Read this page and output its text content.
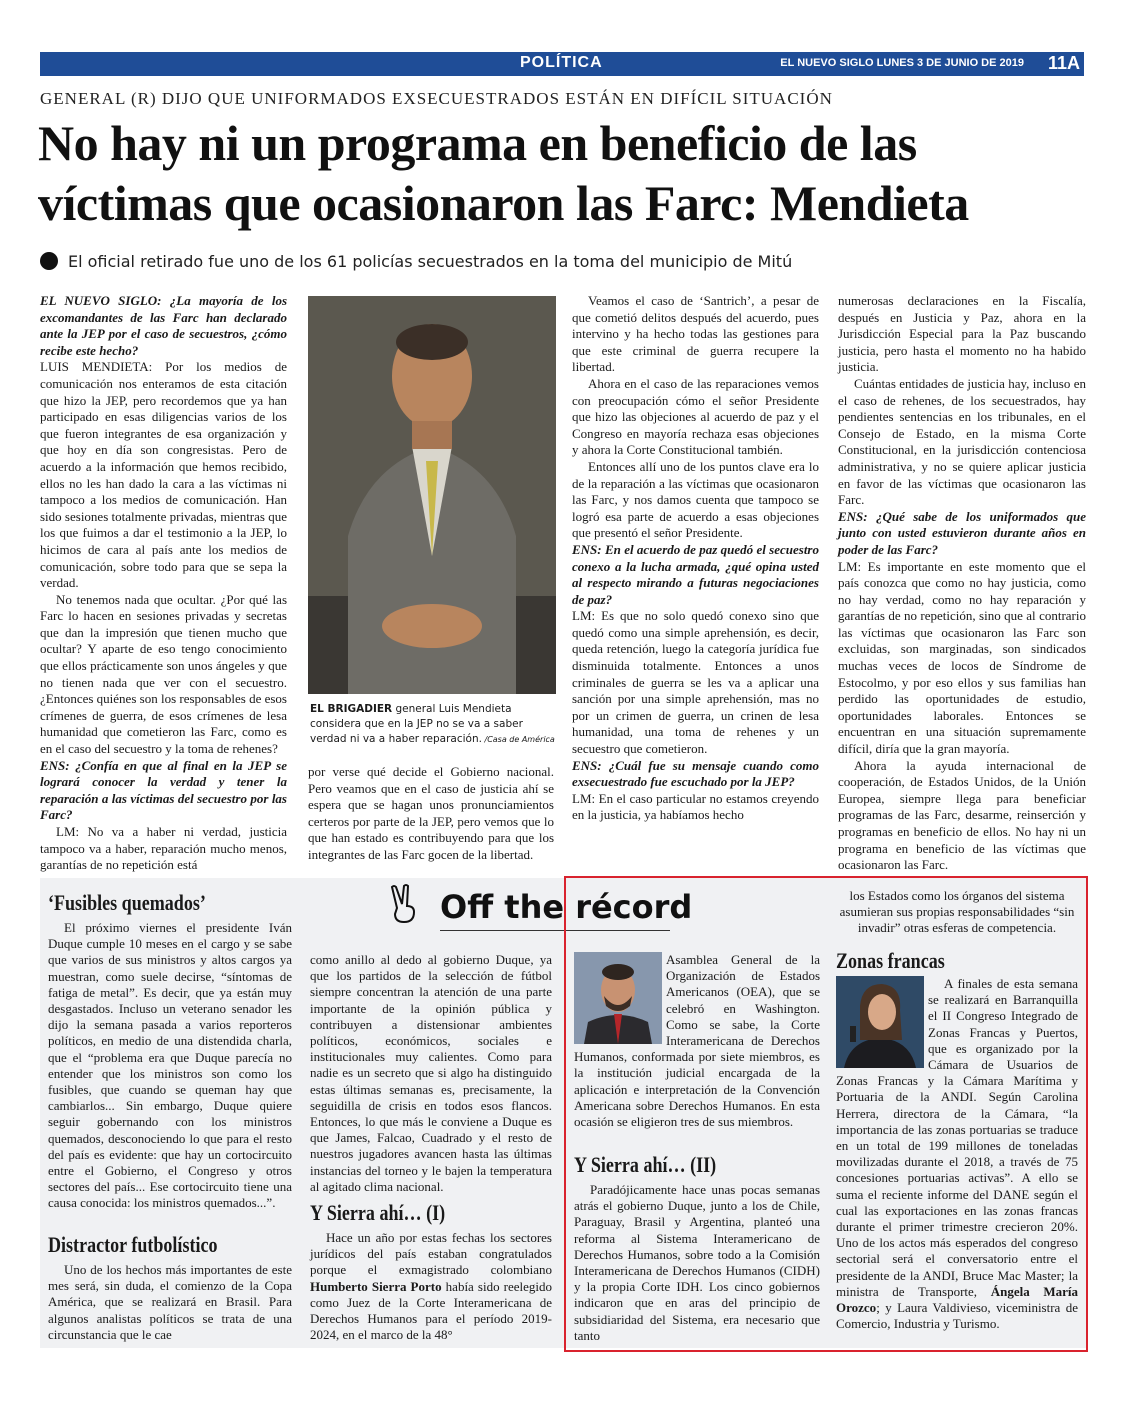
POLÍTICA	EL NUEVO SIGLO LUNES 3 DE JUNIO DE 2019 11A
GENERAL (R) DIJO QUE UNIFORMADOS EXSECUESTRADOS ESTÁN EN DIFÍCIL SITUACIÓN
No hay ni un programa en beneficio de las víctimas que ocasionaron las Farc: Mendieta
El oficial retirado fue uno de los 61 policías secuestrados en la toma del municipio de Mitú

EL NUEVO SIGLO: ¿La mayoría de los excomandantes de las Farc han declarado ante la JEP por el caso de secuestros, ¿cómo recibe este hecho?

LUIS MENDIETA: Por los medios de comunicación nos enteramos de esta citación que hizo la JEP, pero recordemos que ya han participado en esas diligencias varios de los que fueron integrantes de esa organización y que hoy en día son congresistas. Pero de acuerdo a la información que hemos recibido, ellos no les han dado la cara a las víctimas ni tampoco a los medios de comunicación. Han sido sesiones totalmente privadas, mientras que los que fuimos a dar el testimonio a la JEP, lo hicimos de cara al país ante los medios de comunicación, sobre todo para que se sepa la verdad.

No tenemos nada que ocultar. ¿Por qué las Farc lo hacen en sesiones privadas y secretas que dan la impresión que tienen mucho que ocultar? Y aparte de eso tengo conocimiento que ellos prácticamente son unos ángeles y que no tienen nada que ver con el secuestro. ¿Entonces quiénes son los responsables de esos crímenes de guerra, de esos crímenes de lesa humanidad que cometieron las Farc, como es en el caso del secuestro y la toma de rehenes?

ENS: ¿Confía en que al final en la JEP se logrará conocer la verdad y tener la reparación a las víctimas del secuestro por las Farc?

LM: No va a haber ni verdad, justicia tampoco va a haber, reparación mucho menos, garantías de no repetición está

EL BRIGADIER general Luis Mendieta considera que en la JEP no se va a saber verdad ni va a haber reparación. /Casa de América

por verse qué decide el Gobierno nacional. Pero veamos que en el caso de justicia ahí se espera que se hagan unos pronunciamientos certeros por parte de la JEP, pero vemos que lo que han estado es contribuyendo para que los integrantes de las Farc gocen de la libertad.

Veamos el caso de ‘Santrich’, a pesar de que cometió delitos después del acuerdo, pues intervino y ha hecho todas las gestiones para que este criminal de guerra recupere la libertad.

Ahora en el caso de las reparaciones vemos con preocupación cómo el señor Presidente que hizo las objeciones al acuerdo de paz y el Congreso en mayoría rechaza esas objeciones y ahora la Corte Constitucional también.

Entonces allí uno de los puntos clave era lo de la reparación a las víctimas que ocasionaron las Farc, y nos damos cuenta que tampoco se logró esa parte de acuerdo a esas objeciones que presentó el señor Presidente.

ENS: En el acuerdo de paz quedó el secuestro conexo a la lucha armada, ¿qué opina usted al respecto mirando a futuras negociaciones de paz?

LM: Es que no solo quedó conexo sino que quedó como una simple aprehensión, es decir, queda retención, luego la categoría jurídica fue disminuida totalmente. Entonces a unos criminales de guerra se les va a aplicar una sanción por una simple aprehensión, mas no por un crimen de guerra, un crinen de lesa humanidad, una toma de rehenes y un secuestro que cometieron.

ENS: ¿Cuál fue su mensaje cuando como exsecuestrado fue escuchado por la JEP?

LM: En el caso particular no estamos creyendo en la justicia, ya habíamos hecho

numerosas declaraciones en la Fiscalía, después en Justicia y Paz, ahora en la Jurisdicción Especial para la Paz buscando justicia, pero hasta el momento no ha habido justicia.

Cuántas entidades de justicia hay, incluso en el caso de rehenes, de los secuestrados, hay pendientes sentencias en los tribunales, en el Consejo de Estado, en la misma Corte Constitucional, en la jurisdicción contenciosa administrativa, y no se quiere aplicar justicia en favor de las víctimas que ocasionaron las Farc.

ENS: ¿Qué sabe de los uniformados que junto con usted estuvieron durante años en poder de las Farc?

LM: Es importante en este momento que el país conozca que como no hay justicia, como no hay verdad, como no hay reparación y garantías de no repetición, sino que al contrario las víctimas que ocasionaron las Farc son excluidas, son marginadas, son sindicados muchas veces de locos de Síndrome de Estocolmo, y por eso ellos y sus familias han perdido las oportunidades de estudio, oportunidades laborales. Entonces se encuentran en una situación supremamente difícil, diría que la gran mayoría.

Ahora la ayuda internacional de cooperación, de Estados Unidos, de la Unión Europea, siempre llega para beneficiar programas de las Farc, desarme, reinserción y programas en beneficio de ellos. No hay ni un programa en beneficio de las víctimas que ocasionaron las Farc.

Off the récord
‘Fusibles quemados’

El próximo viernes el presidente Iván Duque cumple 10 meses en el cargo y se sabe que varios de sus ministros y altos cargos ya muestran, como suele decirse, “síntomas de fatiga de metal”. Es decir, que ya están muy desgastados. Incluso un veterano senador les dijo la semana pasada a varios reporteros políticos, en medio de una distendida charla, que el “problema era que Duque parecía no entender que los ministros son como los fusibles, que cuando se queman hay que cambiarlos... Sin embargo, Duque quiere seguir gobernando con los ministros quemados, desconociendo lo que para el resto del país es evidente: que hay un cortocircuito entre el Gobierno, el Congreso y otros sectores del país... Ese cortocircuito tiene una causa conocida: los ministros quemados...”.

Distractor futbolístico

Uno de los hechos más importantes de este mes será, sin duda, el comienzo de la Copa América, que se realizará en Brasil. Para algunos analistas políticos se trata de una circunstancia que le cae

como anillo al dedo al gobierno Duque, ya que los partidos de la selección de fútbol siempre concentran la atención de una parte importante de la opinión pública y contribuyen a distensionar ambientes políticos, económicos, sociales e institucionales muy calientes. Como para nadie es un secreto que si algo ha distinguido estas últimas semanas es, precisamente, la seguidilla de crisis en todos esos flancos. Entonces, lo que más le conviene a Duque es que James, Falcao, Cuadrado y el resto de nuestros jugadores avancen hasta las últimas instancias del torneo y le bajen la temperatura al agitado clima nacional.

Y Sierra ahí… (I)

Hace un año por estas fechas los sectores jurídicos del país estaban congratulados porque el exmagistrado colombiano Humberto Sierra Porto había sido reelegido como Juez de la Corte Interamericana de Derechos Humanos para el período 2019-2024, en el marco de la 48°

Asamblea General de la Organización de Estados Americanos (OEA), que se celebró en Washington. Como se sabe, la Corte Interamericana de Derechos Humanos, conformada por siete miembros, es la institución judicial encargada de la aplicación e interpretación de la Convención Americana sobre Derechos Humanos. En esta ocasión se eligieron tres de sus miembros.

Y Sierra ahí… (II)

Paradójicamente hace unas pocas semanas atrás el gobierno Duque, junto a los de Chile, Paraguay, Brasil y Argentina, planteó una reforma al Sistema Interamericano de Derechos Humanos, sobre todo a la Comisión Interamericana de Derechos Humanos (CIDH) y la propia Corte IDH. Los cinco gobiernos indicaron que en aras del principio de subsidiaridad del Sistema, era necesario que tanto

los Estados como los órganos del sistema asumieran sus propias responsabilidades “sin invadir” otras esferas de competencia.

Zonas francas

A finales de esta semana se realizará en Barranquilla el II Congreso Integrado de Zonas Francas y Puertos, que es organizado por la Cámara de Usuarios de Zonas Francas y la Cámara Marítima y Portuaria de la ANDI. Según Carolina Herrera, directora de la Cámara, “la importancia de las zonas portuarias se traduce en un total de 199 millones de toneladas movilizadas durante el 2018, a través de 75 concesiones portuarias activas”. A ello se suma el reciente informe del DANE según el cual las exportaciones en las zonas francas durante el primer trimestre crecieron 20%. Uno de los actos más esperados del congreso sectorial será el conversatorio entre el presidente de la ANDI, Bruce Mac Master; la ministra de Transporte, Ángela María Orozco; y Laura Valdivieso, viceministra de Comercio, Industria y Turismo.
